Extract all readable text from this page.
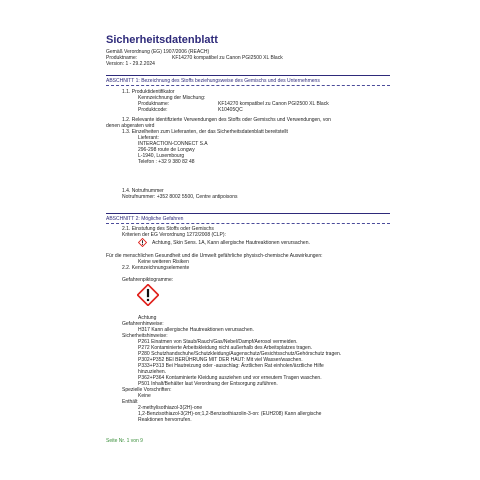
Sicherheitsdatenblatt
Gemäß Verordnung (EG) 1907/2006 (REACH)
Produktname:	KF14270 kompatibel zu Canon PGI2500 XL Black
Version: 1 - 29.2.2024
ABSCHNITT 1: Bezeichnung des Stoffs beziehungsweise des Gemischs und des Unternehmens
1.1. Produktidentifikator
Kennzeichnung der Mischung:
Produktname:	KF14270 kompatibel zu Canon PGI2500 XL Black
Produktcode:	K10405QC
1.2. Relevante identifizierte Verwendungen des Stoffs oder Gemischs und Verwendungen, von
denen abgeraten wird
1.3. Einzelheiten zum Lieferanten, der das Sicherheitsdatenblatt bereitstellt
Lieferant:
INTERACTION-CONNECT S.A
296-298 route de Longwy
L-1940, Luxembourg
Telefon : +32 9 380 82 48
1.4. Notrufnummer
Notrufnummer: +352 8002 5500, Centre antipoisons
ABSCHNITT 2: Mögliche Gefahren
2.1. Einstufung des Stoffs oder Gemischs
Kriterien der EG Verordnung 1272/2008 (CLP):
Achtung, Skin Sens. 1A, Kann allergische Hautreaktionen verursachen.
Für die menschlichen Gesundheit und die Umwelt gefährliche physisch-chemische Auswirkungen:
Keine weiteren Risiken
2.2. Kennzeichnungselemente
Gefahrenpiktogramme:
Achtung
Gefahrenhinweise:
H317 Kann allergische Hautreaktionen verursachen.
Sicherheitshinweise:
P261 Einatmen von Staub/Rauch/Gas/Nebel/Dampf/Aerosol vermeiden.
P272 Kontaminierte Arbeitskleidung nicht außerhalb des Arbeitsplatzes tragen.
P280 Schutzhandschuhe/Schutzkleidung/Augenschutz/Gesichtsschutz/Gehörschutz tragen.
P302+P352 BEI BERÜHRUNG MIT DER HAUT: Mit viel Wasser/waschen.
P333+P313 Bei Hautreizung oder -ausschlag: Ärztlichen Rat einholen/ärztliche Hilfe
hinzuziehen.
P362+P364 Kontaminierte Kleidung ausziehen und vor erneutem Tragen waschen.
P501 Inhalt/Behälter laut Verordnung der Entsorgung zuführen.
Spezielle Vorschriften:
Keine
Enthält
2-methylisothiazol-3(2H)-one
1,2-Benzisothiazol-3(2H)-on;1,2-Benzisothiazolin-3-on: (EUH208) Kann allergische
Reaktionen hervorrufen.
Seite Nr. 1 von 9
